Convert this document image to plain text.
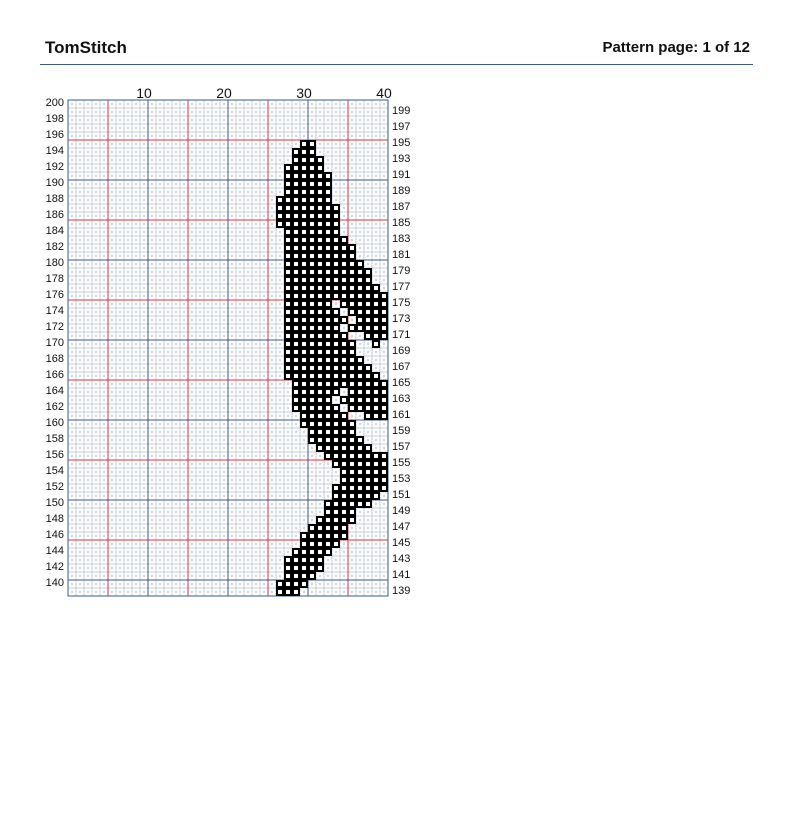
TomStitch	Pattern page: 1 of 12
10	20	30	40
200
198
196
194
192
190
188
186
184
182
180
178
176
174
172
170
168
166
164
162
160
158
156
154
152
150
148
146
144
142
140
199
197
195
193
191
189
187
185
183
181
179
177
175
173
171
169
167
165
163
161
159
157
155
153
151
149
147
145
143
141
139
